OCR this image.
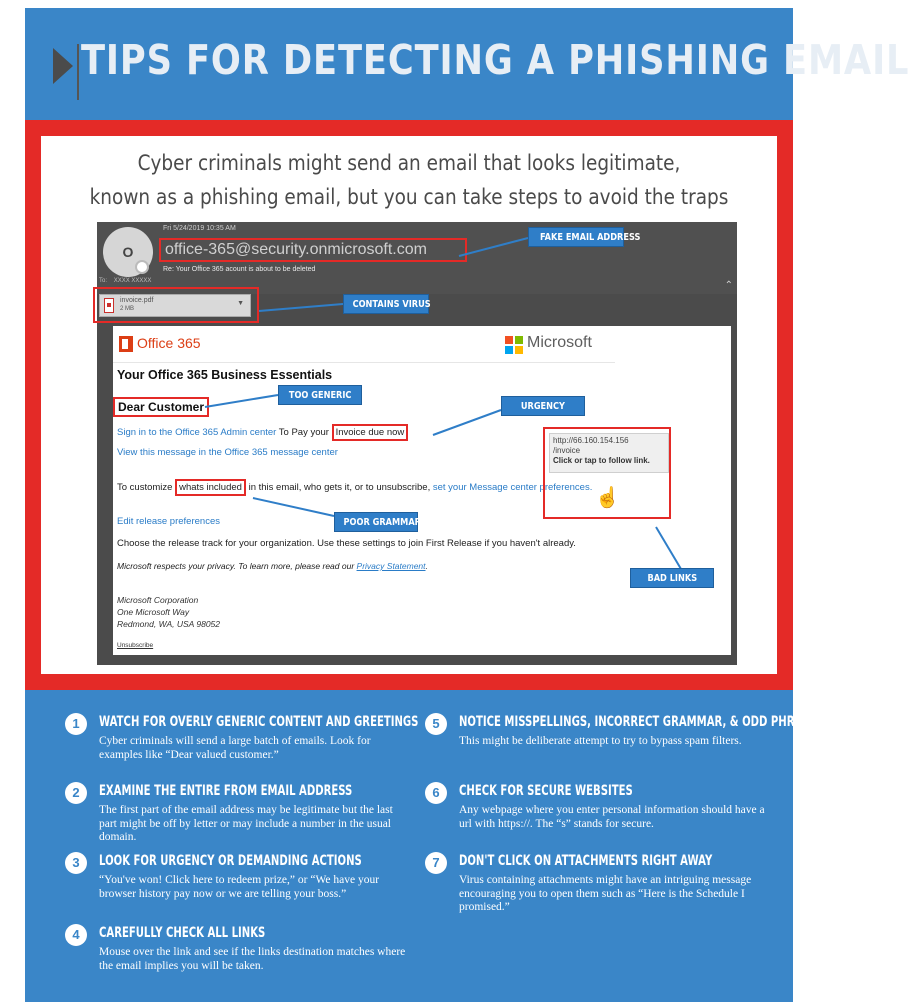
TIPS FOR DETECTING A PHISHING EMAIL
Cyber criminals might send an email that looks legitimate,
known as a phishing email, but you can take steps to avoid the traps
O
Fri 5/24/2019 10:35 AM
office-365@security.onmicrosoft.com
Re: Your Office 365 acount is about to be deleted
To: XXXX XXXXX	⌃
invoice.pdf
2 MB
▼
Office 365	Microsoft
Your Office 365 Business Essentials
Dear Customer
Sign in to the Office 365 Admin center To Pay your Invoice due now
View this message in the Office 365 message center
To customize whats included in this email, who gets it, or to unsubscribe, set your Message center preferences.
Edit release preferences
Choose the release track for your organization. Use these settings to join First Release if you haven't already.
Microsoft respects your privacy. To learn more, please read our Privacy Statement.
Microsoft Corporation
One Microsoft Way
Redmond, WA, USA 98052
Unsubscribe
http://66.160.154.156
/invoice
Click or tap to follow link.
☝
FAKE EMAIL ADDRESS
CONTAINS VIRUS
TOO GENERIC
URGENCY
POOR GRAMMAR
BAD LINKS
1	WATCH FOR OVERLY GENERIC CONTENT AND GREETINGS
Cyber criminals will send a large batch of emails. Look for examples like “Dear valued customer.”
2	EXAMINE THE ENTIRE FROM EMAIL ADDRESS
The first part of the email address may be legitimate but the last part might be off by letter or may include a number in the usual domain.
3	LOOK FOR URGENCY OR DEMANDING ACTIONS
“You've won! Click here to redeem prize,” or “We have your browser history pay now or we are telling your boss.”
4	CAREFULLY CHECK ALL LINKS
Mouse over the link and see if the links destination matches where the email implies you will be taken.
5	NOTICE MISSPELLINGS, INCORRECT GRAMMAR, & ODD PHRASING
This might be deliberate attempt to try to bypass spam filters.
6	CHECK FOR SECURE WEBSITES
Any webpage where you enter personal information should have a url with https://. The “s” stands for secure.
7	DON'T CLICK ON ATTACHMENTS RIGHT AWAY
Virus containing attachments might have an intriguing message encouraging you to open them such as “Here is the Schedule I promised.”
